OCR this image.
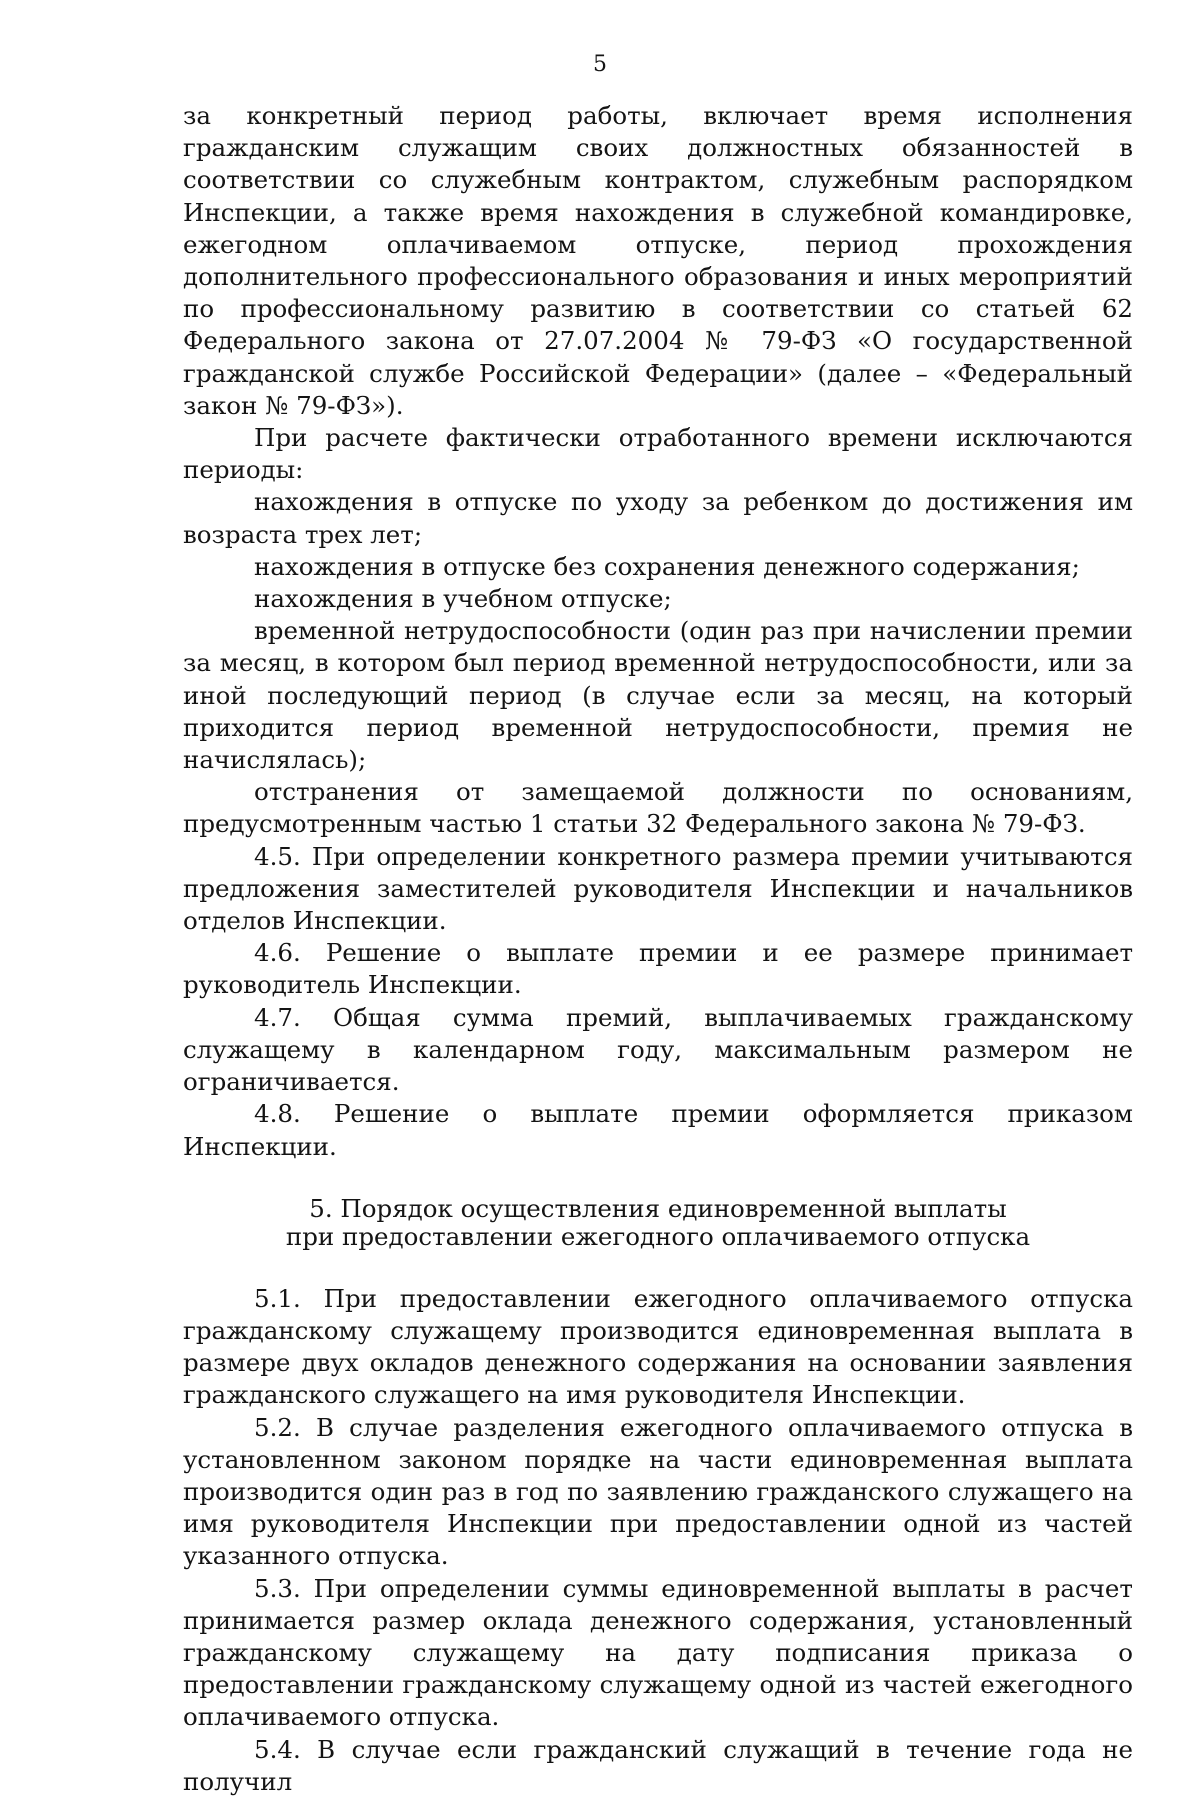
5

за конкретный период работы, включает время исполнения гражданским служащим своих должностных обязанностей в соответствии со служебным контрактом, служебным распорядком Инспекции, а также время нахождения в служебной командировке, ежегодном оплачиваемом отпуске, период прохождения дополнительного профессионального образования и иных мероприятий по профессиональному развитию в соответствии со статьей 62 Федерального закона от 27.07.2004 № 79-ФЗ «О государственной гражданской службе Российской Федерации» (далее – «Федеральный закон № 79-ФЗ»).

При расчете фактически отработанного времени исключаются периоды:

нахождения в отпуске по уходу за ребенком до достижения им возраста трех лет;

нахождения в отпуске без сохранения денежного содержания;

нахождения в учебном отпуске;

временной нетрудоспособности (один раз при начислении премии за месяц, в котором был период временной нетрудоспособности, или за иной последующий период (в случае если за месяц, на который приходится период временной нетрудоспособности, премия не начислялась);

отстранения от замещаемой должности по основаниям, предусмотренным частью 1 статьи 32 Федерального закона № 79-ФЗ.

4.5. При определении конкретного размера премии учитываются предложения заместителей руководителя Инспекции и начальников отделов Инспекции.

4.6. Решение о выплате премии и ее размере принимает руководитель Инспекции.

4.7. Общая сумма премий, выплачиваемых гражданскому служащему в календарном году, максимальным размером не ограничивается.

4.8. Решение о выплате премии оформляется приказом Инспекции.

5. Порядок осуществления единовременной выплаты
при предоставлении ежегодного оплачиваемого отпуска

5.1. При предоставлении ежегодного оплачиваемого отпуска гражданскому служащему производится единовременная выплата в размере двух окладов денежного содержания на основании заявления гражданского служащего на имя руководителя Инспекции.

5.2. В случае разделения ежегодного оплачиваемого отпуска в установленном законом порядке на части единовременная выплата производится один раз в год по заявлению гражданского служащего на имя руководителя Инспекции при предоставлении одной из частей указанного отпуска.

5.3. При определении суммы единовременной выплаты в расчет принимается размер оклада денежного содержания, установленный гражданскому служащему на дату подписания приказа о предоставлении гражданскому служащему одной из частей ежегодного оплачиваемого отпуска.

5.4. В случае если гражданский служащий в течение года не получил
